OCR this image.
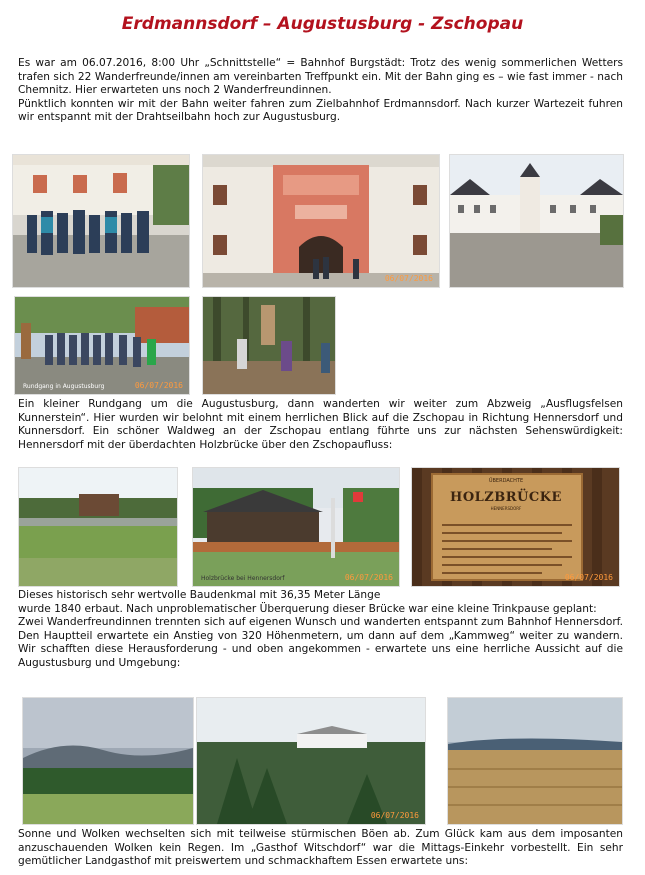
Erdmannsdorf – Augustusburg - Zschopau

Es war am 06.07.2016, 8:00 Uhr „Schnittstelle“ = Bahnhof Burgstädt: Trotz des wenig sommerlichen Wetters trafen sich 22 Wanderfreunde/innen am vereinbarten Treffpunkt ein. Mit der Bahn ging es – wie fast immer - nach Chemnitz. Hier erwarteten uns noch 2 Wanderfreundinnen.

Pünktlich konnten wir mit der Bahn weiter fahren zum Zielbahnhof Erdmannsdorf. Nach kurzer Wartezeit fuhren wir entspannt mit der Drahtseilbahn hoch zur Augustusburg.

06/07/2016
Rundgang in Augustusburg	06/07/2016

Ein kleiner Rundgang um die Augustusburg, dann wanderten wir weiter zum Abzweig „Ausflugsfelsen Kunnerstein“. Hier wurden wir belohnt mit einem herrlichen Blick auf die Zschopau in Richtung Hennersdorf und Kunnersdorf. Ein schöner Waldweg an der Zschopau entlang führte uns zur nächsten Sehenswürdigkeit: Hennersdorf mit der überdachten Holzbrücke über den Zschopaufluss:

Holzbrücke bei Hennersdorf	06/07/2016
ÜBERDACHTE
HOLZBRÜCKE
HENNERSDORF
06/07/2016

Dieses historisch sehr wertvolle Baudenkmal mit 36,35 Meter Länge

wurde 1840 erbaut. Nach unproblematischer Überquerung dieser Brücke war eine kleine Trinkpause geplant:

Zwei Wanderfreundinnen trennten sich auf eigenen Wunsch und wanderten entspannt zum Bahnhof Hennersdorf. Den Hauptteil erwartete ein Anstieg von 320 Höhenmetern, um dann auf dem „Kammweg“ weiter zu wandern. Wir schafften diese Herausforderung - und oben angekommen - erwartete uns eine herrliche Aussicht auf die Augustusburg und Umgebung:

06/07/2016

Sonne und Wolken wechselten sich mit teilweise stürmischen Böen ab. Zum Glück kam aus dem imposanten anzuschauenden Wolken kein Regen. Im „Gasthof Witschdorf“ war die Mittags-Einkehr vorbestellt. Ein sehr gemütlicher Landgasthof mit preiswertem und schmackhaftem Essen erwartete uns:
